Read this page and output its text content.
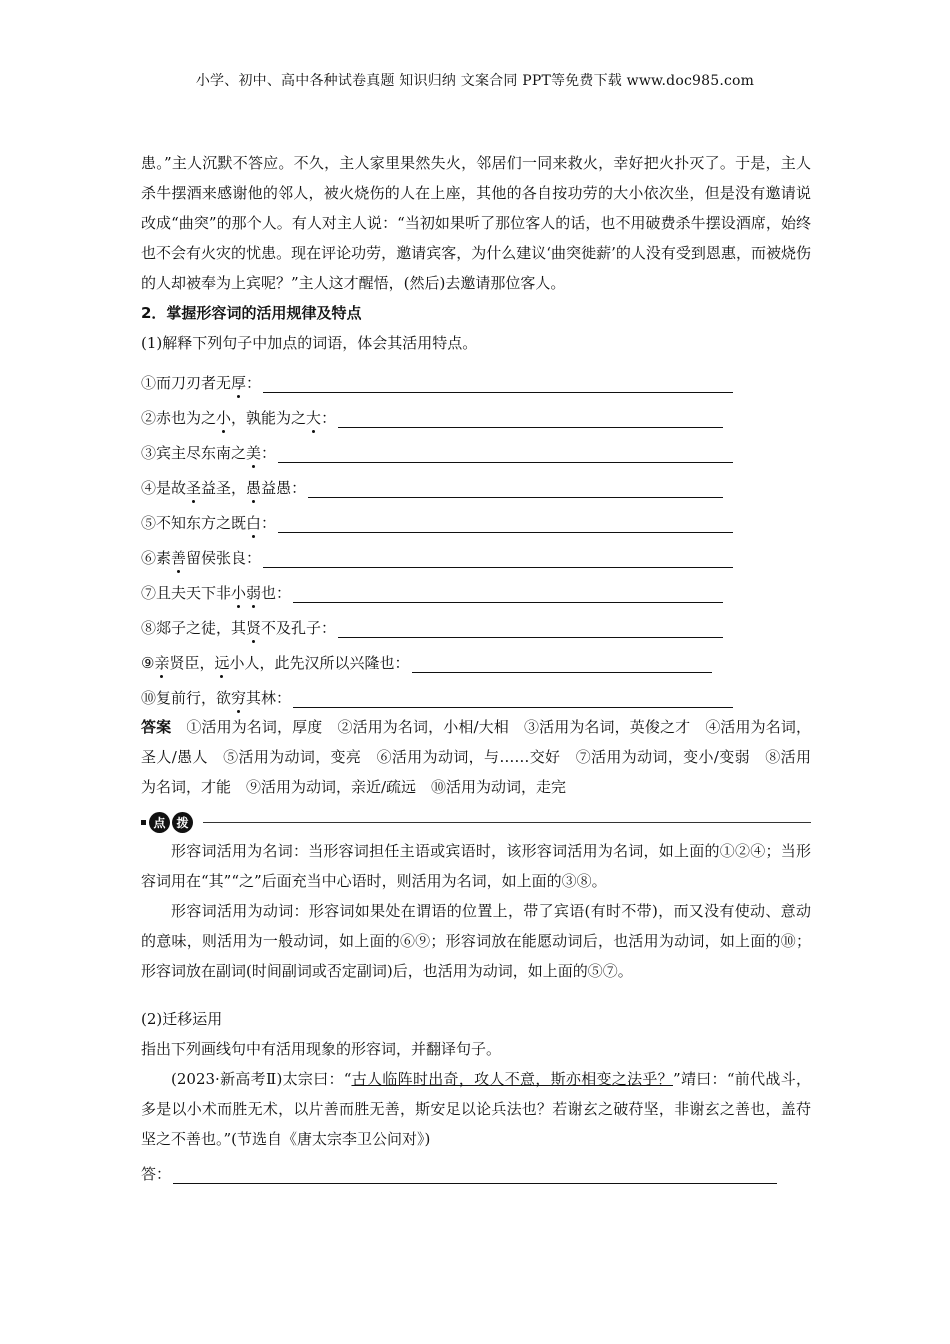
小学、初中、高中各种试卷真题 知识归纳 文案合同 PPT等免费下载 www.doc985.com

患。”主人沉默不答应。不久，主人家里果然失火，邻居们一同来救火，幸好把火扑灭了。于是，主人杀牛摆酒来感谢他的邻人，被火烧伤的人在上座，其他的各自按功劳的大小依次坐，但是没有邀请说改成“曲突”的那个人。有人对主人说：“当初如果听了那位客人的话，也不用破费杀牛摆设酒席，始终也不会有火灾的忧患。现在评论功劳，邀请宾客，为什么建议‘曲突徙薪’的人没有受到恩惠，而被烧伤的人却被奉为上宾呢？”主人这才醒悟，(然后)去邀请那位客人。

2．掌握形容词的活用规律及特点

(1)解释下列句子中加点的词语，体会其活用特点。

①而刀刃者无厚：
②赤也为之小，孰能为之大：
③宾主尽东南之美：
④是故圣益圣，愚益愚：
⑤不知东方之既白：
⑥素善留侯张良：
⑦且夫天下非小弱也：
⑧郯子之徒，其贤不及孔子：
⑨亲贤臣，远小人，此先汉所以兴隆也：
⑩复前行，欲穷其林：

答案　 ①活用为名词，厚度　②活用为名词，小相/大相　③活用为名词，英俊之才　④活用为名词，圣人/愚人　⑤活用为动词，变亮　⑥活用为动词，与……交好　⑦活用为动词，变小/变弱　⑧活用为名词，才能　⑨活用为动词，亲近/疏远　⑩活用为动词，走完

点 拨

形容词活用为名词：当形容词担任主语或宾语时，该形容词活用为名词，如上面的①②④；当形容词用在“其”“之”后面充当中心语时，则活用为名词，如上面的③⑧。

形容词活用为动词：形容词如果处在谓语的位置上，带了宾语(有时不带)，而又没有使动、意动的意味，则活用为一般动词，如上面的⑥⑨；形容词放在能愿动词后，也活用为动词，如上面的⑩；形容词放在副词(时间副词或否定副词)后，也活用为动词，如上面的⑤⑦。

(2)迁移运用

指出下列画线句中有活用现象的形容词，并翻译句子。

(2023·新高考Ⅱ)太宗曰：“古人临阵时出奇，攻人不意，斯亦相变之法乎？”靖曰：“前代战斗，多是以小术而胜无术，以片善而胜无善，斯安足以论兵法也？若谢玄之破苻坚，非谢玄之善也，盖苻坚之不善也。”(节选自《唐太宗李卫公问对》)

答：
